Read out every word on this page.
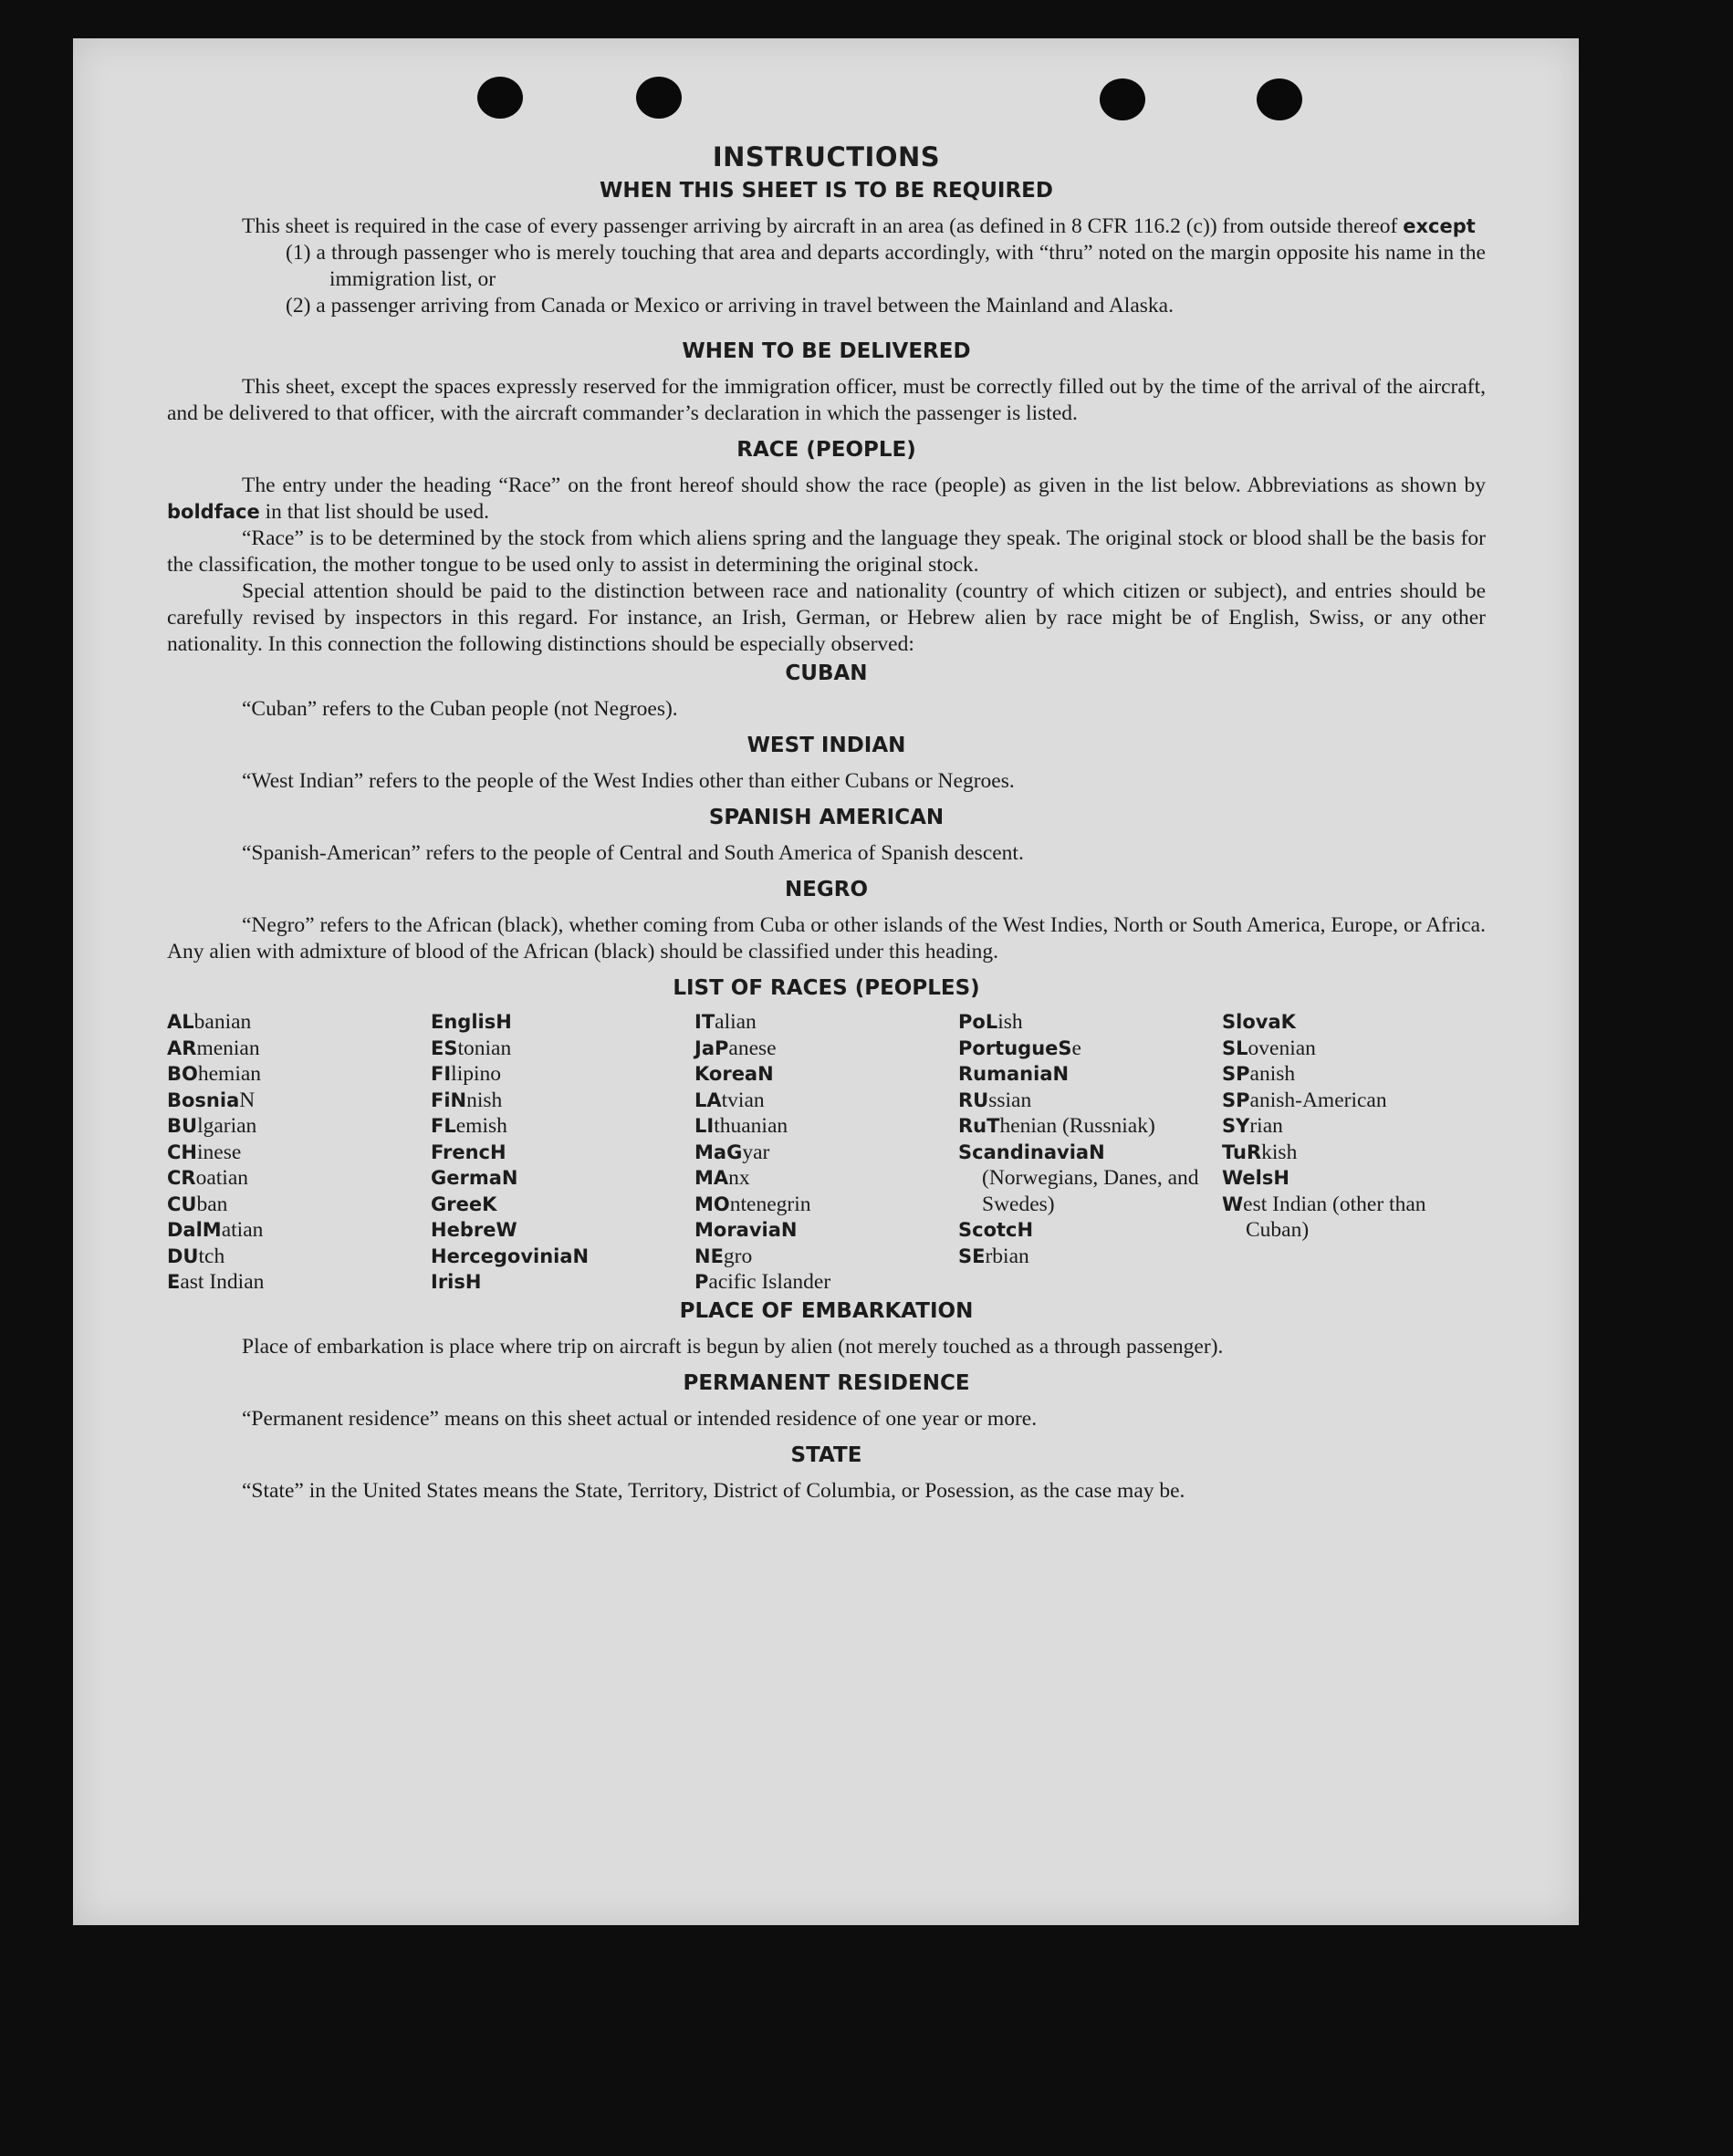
INSTRUCTIONS
WHEN THIS SHEET IS TO BE REQUIRED

This sheet is required in the case of every passenger arriving by aircraft in an area (as defined in 8 CFR 116.2 (c)) from outside thereof except

(1) a through passenger who is merely touching that area and departs accordingly, with “thru” noted on the margin opposite his name in the immigration list, or
(2) a passenger arriving from Canada or Mexico or arriving in travel between the Mainland and Alaska.
WHEN TO BE DELIVERED

This sheet, except the spaces expressly reserved for the immigration officer, must be correctly filled out by the time of the arrival of the aircraft, and be delivered to that officer, with the aircraft commander’s declaration in which the passenger is listed.

RACE (PEOPLE)

The entry under the heading “Race” on the front hereof should show the race (people) as given in the list below. Abbreviations as shown by boldface in that list should be used.

“Race” is to be determined by the stock from which aliens spring and the language they speak. The original stock or blood shall be the basis for the classification, the mother tongue to be used only to assist in determining the original stock.

Special attention should be paid to the distinction between race and nationality (country of which citizen or subject), and entries should be carefully revised by inspectors in this regard. For instance, an Irish, German, or Hebrew alien by race might be of English, Swiss, or any other nationality. In this connection the following distinctions should be especially observed:

CUBAN

“Cuban” refers to the Cuban people (not Negroes).

WEST INDIAN

“West Indian” refers to the people of the West Indies other than either Cubans or Negroes.

SPANISH AMERICAN

“Spanish-American” refers to the people of Central and South America of Spanish descent.

NEGRO

“Negro” refers to the African (black), whether coming from Cuba or other islands of the West Indies, North or South America, Europe, or Africa. Any alien with admixture of blood of the African (black) should be classified under this heading.

LIST OF RACES (PEOPLES)
ALbanian
ARmenian
BOhemian
BosniaN
BUlgarian
CHinese
CRoatian
CUban
DalMatian
DUtch
East Indian
EnglisH
EStonian
FIlipino
FiNnish
FLemish
FrencH
GermaN
GreeK
HebreW
HercegoviniaN
IrisH
ITalian
JaPanese
KoreaN
LAtvian
LIthuanian
MaGyar
MAnx
MOntenegrin
MoraviaN
NEgro
Pacific Islander
PoLish
PortugueSe
RumaniaN
RUssian
RuThenian (Russniak)
ScandinaviaN (Norwegians, Danes, and Swedes)
ScotcH
SErbian
SlovaK
SLovenian
SPanish
SPanish-American
SYrian
TuRkish
WelsH
West Indian (other than Cuban)
PLACE OF EMBARKATION

Place of embarkation is place where trip on aircraft is begun by alien (not merely touched as a through passenger).

PERMANENT RESIDENCE

“Permanent residence” means on this sheet actual or intended residence of one year or more.

STATE

“State” in the United States means the State, Territory, District of Columbia, or Posession, as the case may be.
